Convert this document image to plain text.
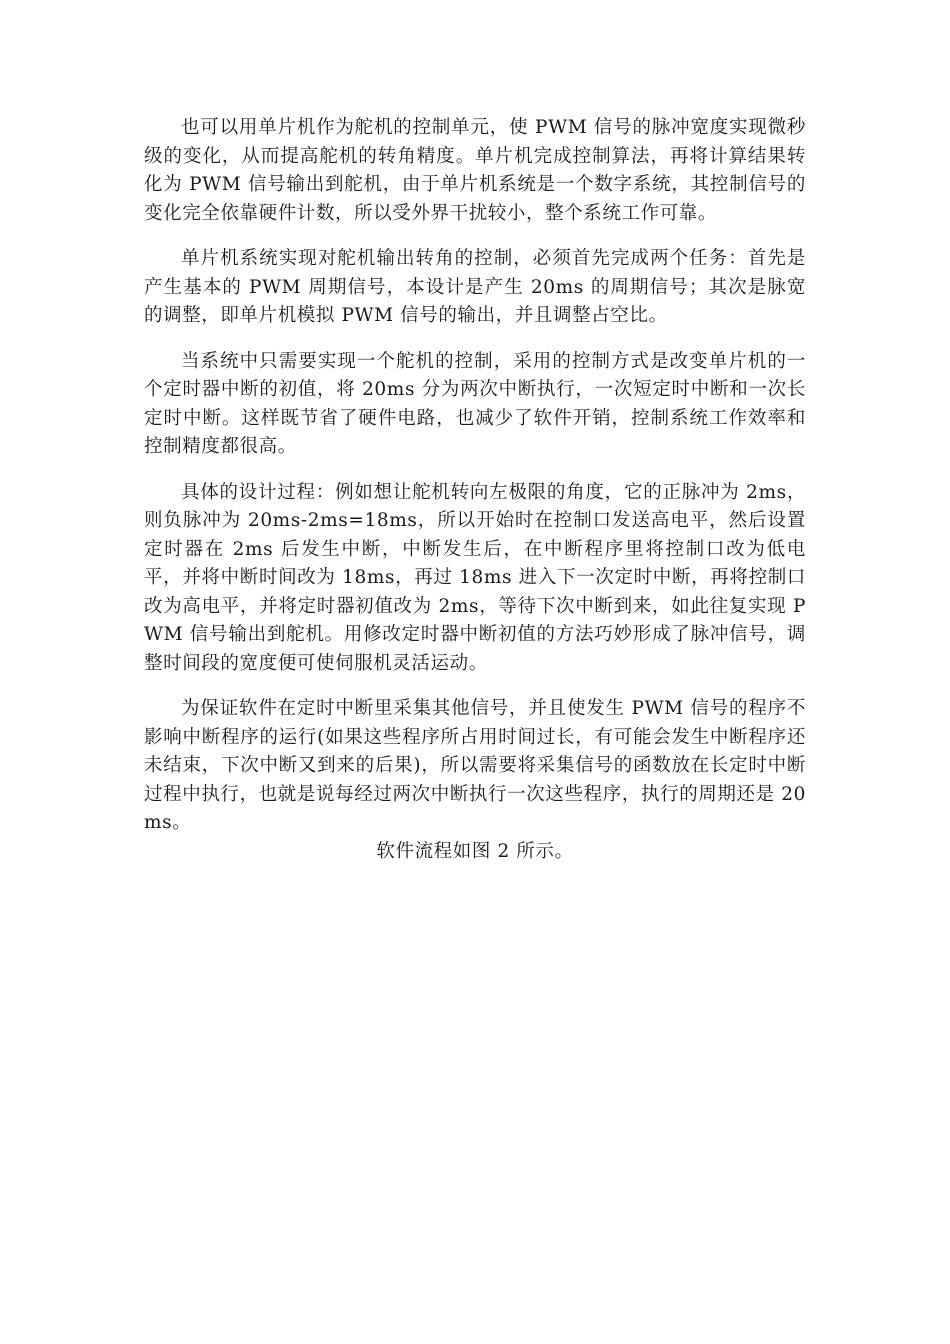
也可以用单片机作为舵机的控制单元，使 PWM 信号的脉冲宽度实现微秒级的变化，从而提高舵机的转角精度。单片机完成控制算法，再将计算结果转化为 PWM 信号输出到舵机，由于单片机系统是一个数字系统，其控制信号的变化完全依靠硬件计数，所以受外界干扰较小，整个系统工作可靠。

单片机系统实现对舵机输出转角的控制，必须首先完成两个任务：首先是产生基本的 PWM 周期信号，本设计是产生 20ms 的周期信号；其次是脉宽的调整，即单片机模拟 PWM 信号的输出，并且调整占空比。

当系统中只需要实现一个舵机的控制，采用的控制方式是改变单片机的一个定时器中断的初值，将 20ms 分为两次中断执行，一次短定时中断和一次长定时中断。这样既节省了硬件电路，也减少了软件开销，控制系统工作效率和控制精度都很高。

具体的设计过程：例如想让舵机转向左极限的角度，它的正脉冲为 2ms，则负脉冲为 20ms-2ms=18ms，所以开始时在控制口发送高电平，然后设置定时器在 2ms 后发生中断，中断发生后，在中断程序里将控制口改为低电平，并将中断时间改为 18ms，再过 18ms 进入下一次定时中断，再将控制口改为高电平，并将定时器初值改为 2ms，等待下次中断到来，如此往复实现 PWM 信号输出到舵机。用修改定时器中断初值的方法巧妙形成了脉冲信号，调整时间段的宽度便可使伺服机灵活运动。

为保证软件在定时中断里采集其他信号，并且使发生 PWM 信号的程序不影响中断程序的运行(如果这些程序所占用时间过长，有可能会发生中断程序还未结束，下次中断又到来的后果)，所以需要将采集信号的函数放在长定时中断过程中执行，也就是说每经过两次中断执行一次这些程序，执行的周期还是 20ms。

软件流程如图 2 所示。
